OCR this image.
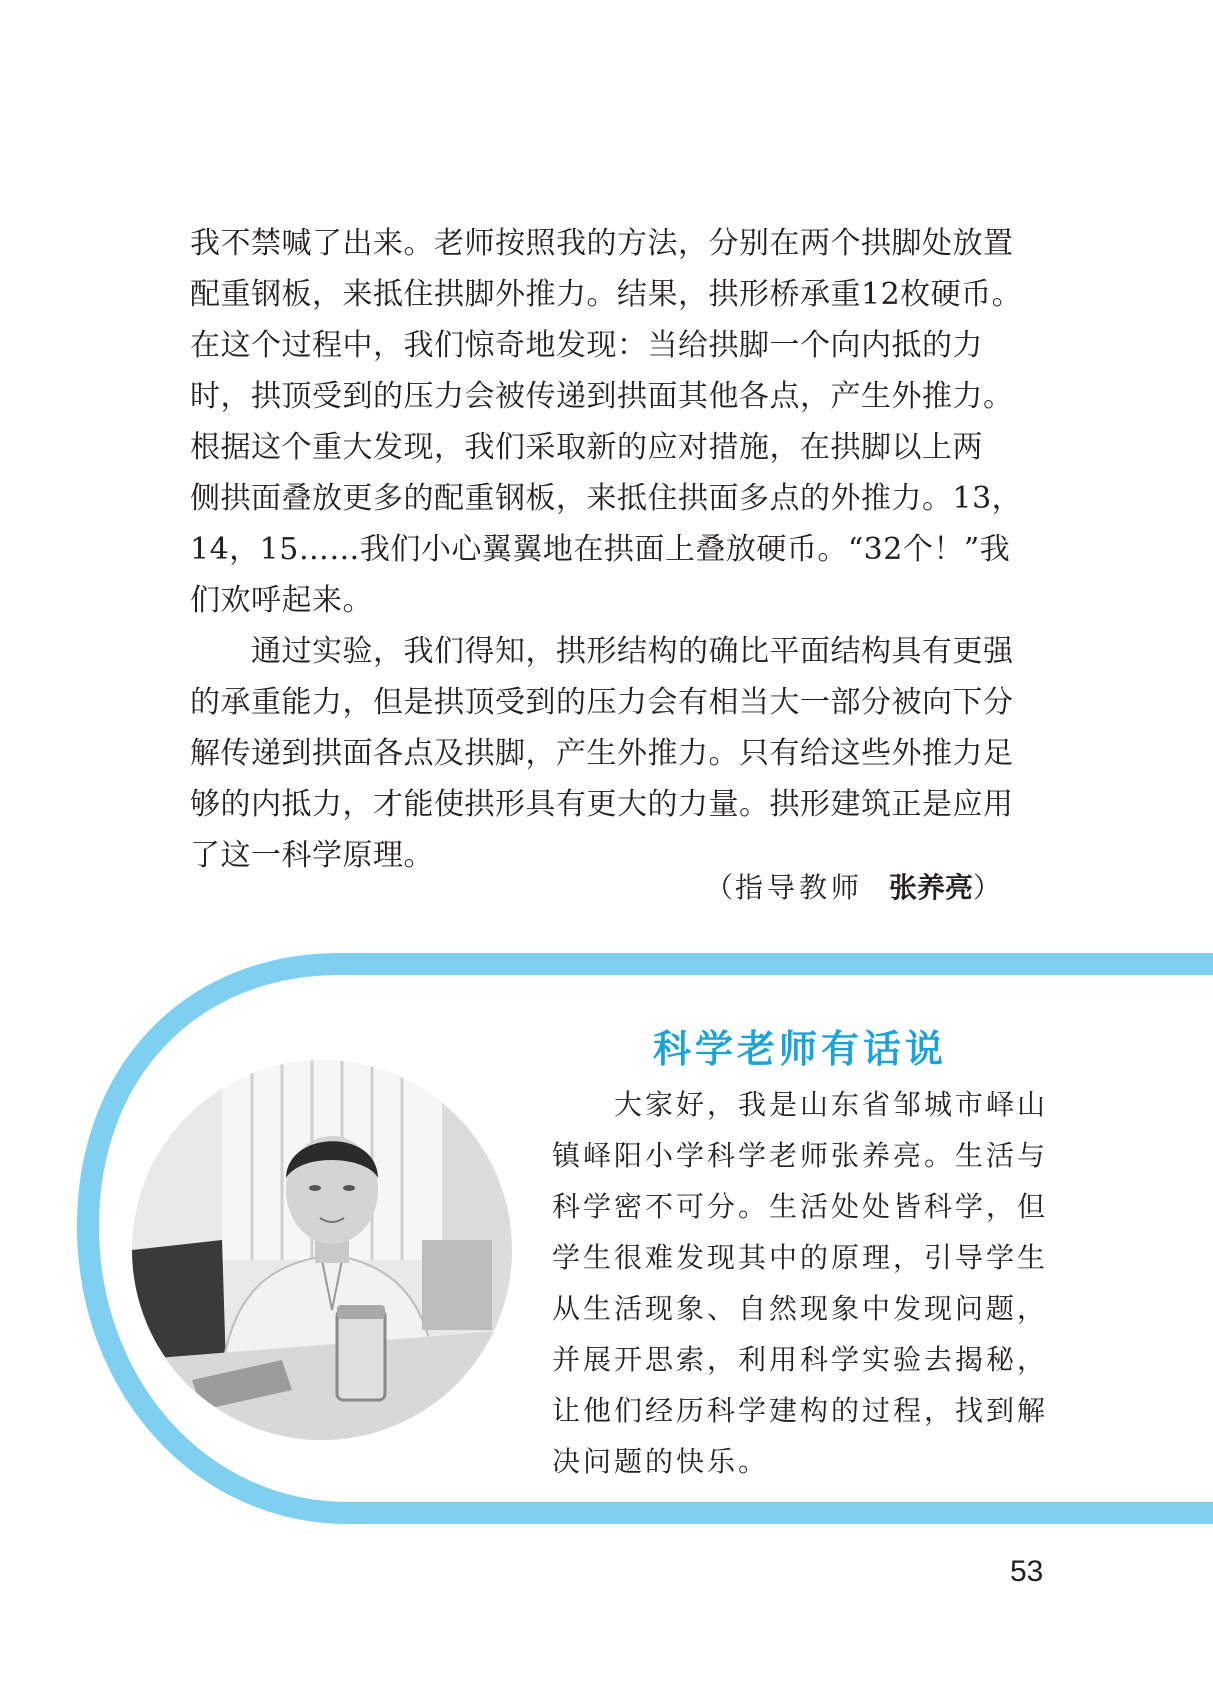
我不禁喊了出来。老师按照我的方法，分别在两个拱脚处放置
配重钢板，来抵住拱脚外推力。结果，拱形桥承重12枚硬币。
在这个过程中，我们惊奇地发现：当给拱脚一个向内抵的力
时，拱顶受到的压力会被传递到拱面其他各点，产生外推力。
根据这个重大发现，我们采取新的应对措施，在拱脚以上两
侧拱面叠放更多的配重钢板，来抵住拱面多点的外推力。13，
14，15……我们小心翼翼地在拱面上叠放硬币。“32个！”我
们欢呼起来。
　　通过实验，我们得知，拱形结构的确比平面结构具有更强
的承重能力，但是拱顶受到的压力会有相当大一部分被向下分
解传递到拱面各点及拱脚，产生外推力。只有给这些外推力足
够的内抵力，才能使拱形具有更大的力量。拱形建筑正是应用
了这一科学原理。
（指导教师 张养亮）
科学老师有话说
　　大家好，我是山东省邹城市峄山
镇峄阳小学科学老师张养亮。生活与
科学密不可分。生活处处皆科学，但
学生很难发现其中的原理，引导学生
从生活现象、自然现象中发现问题，
并展开思索，利用科学实验去揭秘，
让他们经历科学建构的过程，找到解
决问题的快乐。
53
